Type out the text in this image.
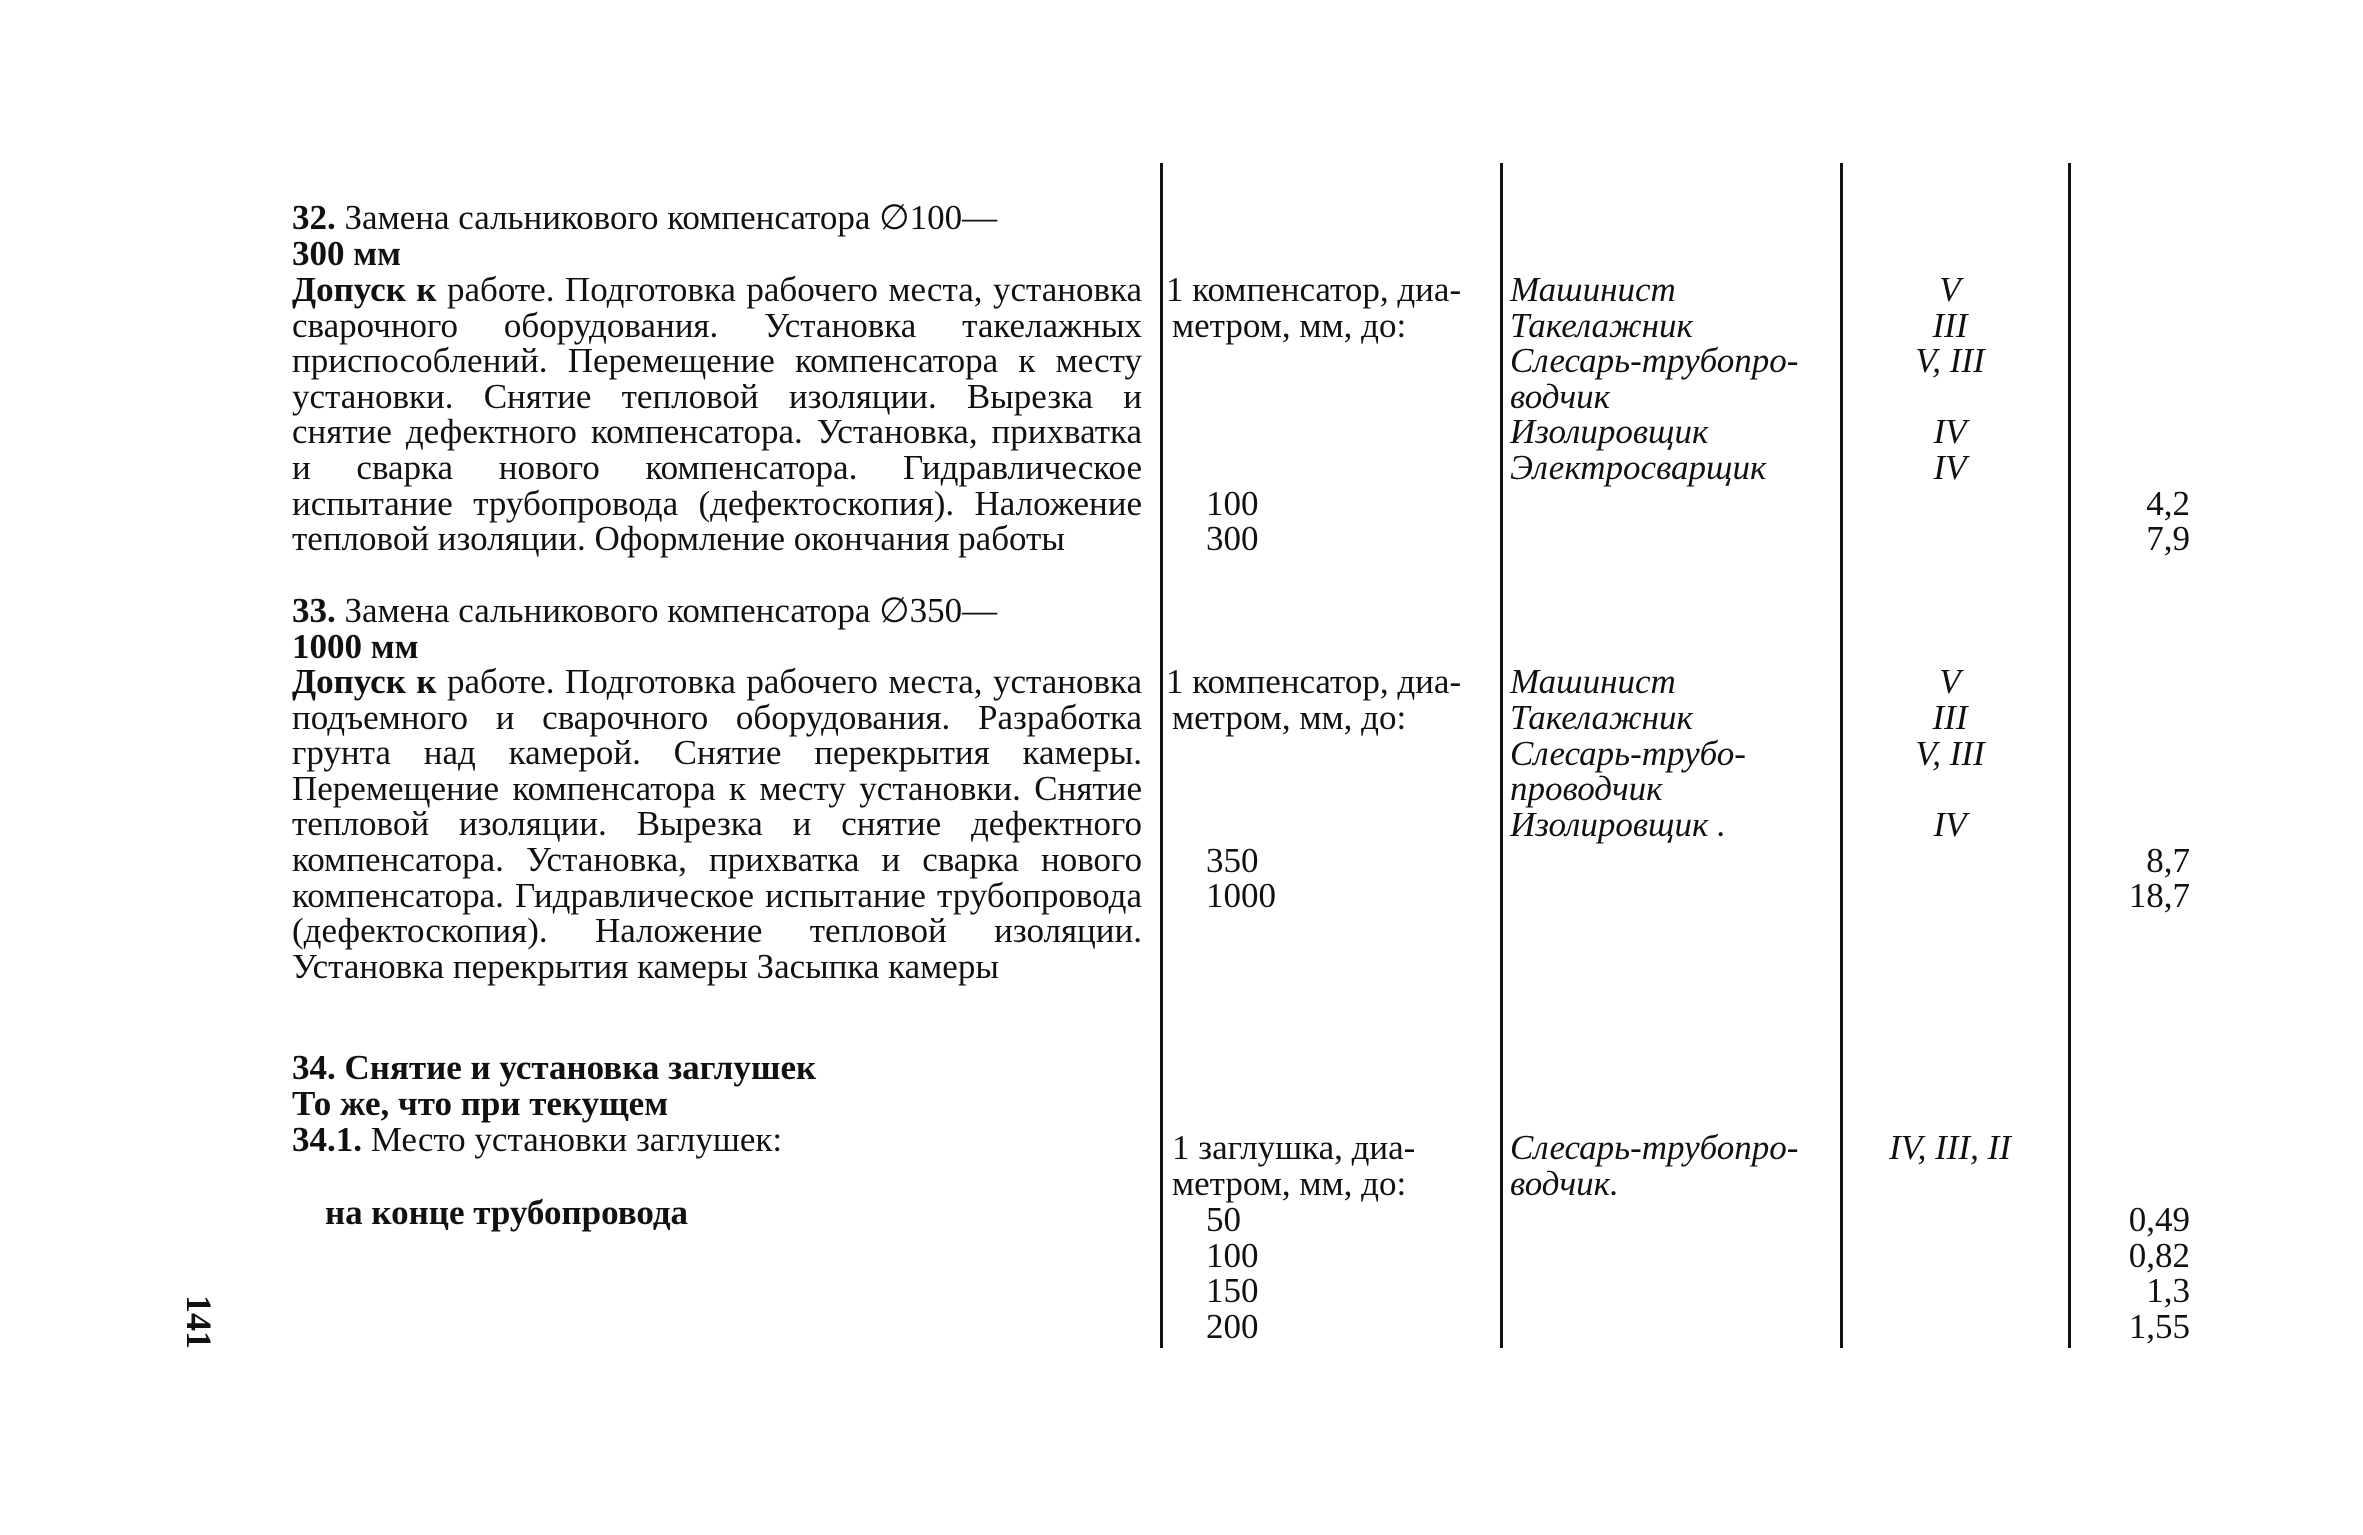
32. Замена сальникового компенсатора ∅100—
300 мм
Допуск к работе. Подготовка рабочего места, установка сварочного оборудования. Установка такелажных приспособлений. Перемещение компенсатора к месту установки. Снятие тепловой изоляции. Вырезка и снятие дефектного компенсатора. Установка, прихватка и сварка нового компенсатора. Гидравлическое испытание трубопровода (дефектоскопия). Наложение тепловой изоляции. Оформление окончания работы
1 компенсатор, диа-
метром, мм, до:
Машинист
Такелажник
Слесарь-трубопро-
водчик
Изолировщик
Электросварщик
V
III
V, III
IV
IV
100
300
4,2
7,9
33. Замена сальникового компенсатора ∅350—
1000 мм
Допуск к работе. Подготовка рабочего места, установка подъемного и сварочного оборудования. Разработка грунта над камерой. Снятие перекрытия камеры. Перемещение компенсатора к месту установки. Снятие тепловой изоляции. Вырезка и снятие дефектного компенсатора. Установка, прихватка и сварка нового компенсатора. Гидравлическое испытание трубопровода (дефектоскопия). Наложение тепловой изоляции. Установка перекрытия камеры Засыпка камеры
1 компенсатор, диа-
метром, мм, до:
Машинист
Такелажник
Слесарь-трубо-
проводчик
Изолировщик .
V
III
V, III
IV
350
1000
8,7
18,7
34. Снятие и установка заглушек
То же, что при текущем
34.1. Место установки заглушек:
на конце трубопровода
1 заглушка, диа-
метром, мм, до:
Слесарь-трубопро-
водчик.
IV, III, II
50
100
150
200
0,49
0,82
1,3
1,55
141
